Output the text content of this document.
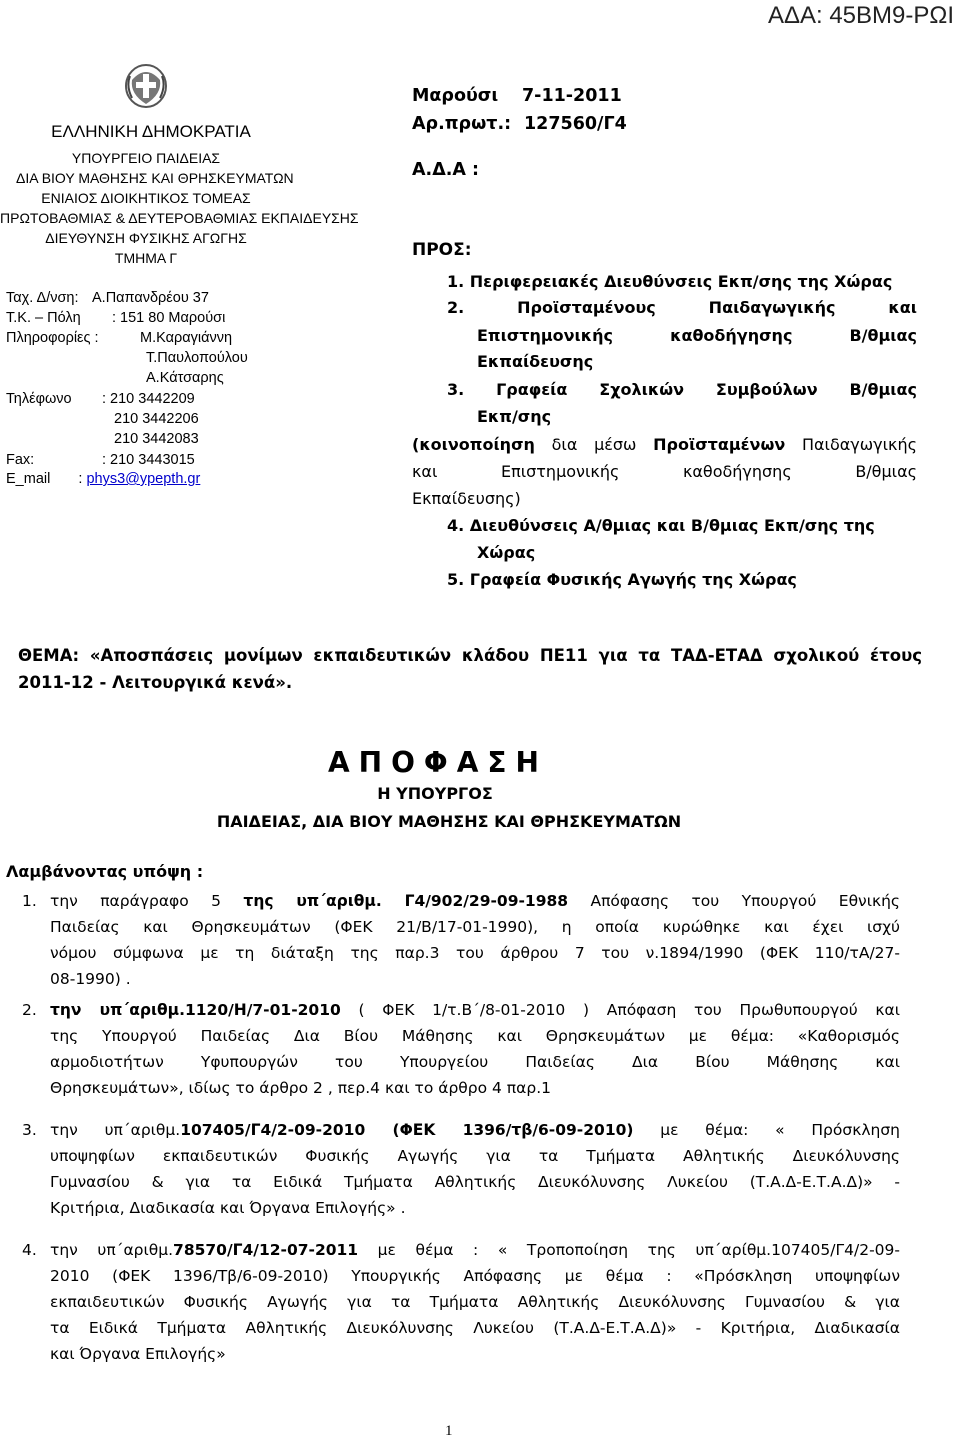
ΑΔΑ: 45ΒΜ9-ΡΩΙ
ΕΛΛΗΝΙΚΗ ΔΗΜΟΚΡΑΤΙΑ
ΥΠΟΥΡΓΕΙΟ ΠΑΙΔΕΙΑΣ
ΔΙΑ ΒΙΟΥ ΜΑΘΗΣΗΣ ΚΑΙ ΘΡΗΣΚΕΥΜΑΤΩΝ
ΕΝΙΑΙΟΣ ΔΙΟΙΚΗΤΙΚΟΣ ΤΟΜΕΑΣ
ΠΡΩΤΟΒΑΘΜΙΑΣ & ΔΕΥΤΕΡΟΒΑΘΜΙΑΣ ΕΚΠΑΙΔΕΥΣΗΣ
ΔΙΕΥΘΥΝΣΗ ΦΥΣΙΚΗΣ ΑΓΩΓΗΣ
ΤΜΗΜΑ Γ
Ταχ. Δ/νση: Α.Παπανδρέου 37
Τ.Κ. – Πόλη : 151 80 Μαρούσι
Πληροφορίες :	Μ.Καραγιάννη
Τ.Παυλοπούλου
Α.Κάτσαρης
Τηλέφωνο : 210 3442209
210 3442206
210 3442083
Fax:	: 210 3443015
E_mail : phys3@ypepth.gr
Μαρούσι 7-11-2011
Αρ.πρωτ.: 127560/Γ4
Α.Δ.Α :
ΠΡΟΣ:
1. Περιφερειακές Διευθύνσεις Εκπ/σης της Χώρας
2. Προϊσταμένους Παιδαγωγικής και
Επιστημονικής καθοδήγησης Β/θμιας
Εκπαίδευσης
3. Γραφεία Σχολικών Συμβούλων Β/θμιας
Εκπ/σης
(κοινοποίηση δια μέσω Προϊσταμένων Παιδαγωγικής
και Επιστημονικής καθοδήγησης Β/θμιας
Εκπαίδευσης)
4. Διευθύνσεις Α/θμιας και Β/θμιας Εκπ/σης της
Χώρας
5. Γραφεία Φυσικής Αγωγής της Χώρας
ΘΕΜΑ: «Αποσπάσεις μονίμων εκπαιδευτικών κλάδου ΠΕ11 για τα ΤΑΔ-ΕΤΑΔ σχολικού έτους
2011-12 - Λειτουργικά κενά».
ΑΠΟΦΑΣΗ
Η ΥΠΟΥΡΓΟΣ
ΠΑΙΔΕΙΑΣ, ΔΙΑ ΒΙΟΥ ΜΑΘΗΣΗΣ ΚΑΙ ΘΡΗΣΚΕΥΜΑΤΩΝ
Λαμβάνοντας υπόψη :
1. την παράγραφο 5 της υπ΄αριθμ. Γ4/902/29-09-1988 Απόφασης του Υπουργού Εθνικής
Παιδείας και Θρησκευμάτων (ΦΕΚ 21/Β/17-01-1990), η οποία κυρώθηκε και έχει ισχύ
νόμου σύμφωνα με τη διάταξη της παρ.3 του άρθρου 7 του ν.1894/1990 (ΦΕΚ 110/τΑ/27-
08-1990) .
2. την υπ΄αριθμ.1120/Η/7-01-2010 ( ΦΕΚ 1/τ.Β΄/8-01-2010 ) Απόφαση του Πρωθυπουργού και
της Υπουργού Παιδείας Δια Βίου Μάθησης και Θρησκευμάτων με θέμα: «Καθορισμός
αρμοδιοτήτων Υφυπουργών του Υπουργείου Παιδείας Δια Βίου Μάθησης και
Θρησκευμάτων», ιδίως το άρθρο 2 , περ.4 και το άρθρο 4 παρ.1
3. την υπ΄αριθμ.107405/Γ4/2-09-2010 (ΦΕΚ 1396/τβ/6-09-2010) με θέμα: « Πρόσκληση
υποψηφίων εκπαιδευτικών Φυσικής Αγωγής για τα Τμήματα Αθλητικής Διευκόλυνσης
Γυμνασίου & για τα Ειδικά Τμήματα Αθλητικής Διευκόλυνσης Λυκείου (Τ.Α.Δ-Ε.Τ.Α.Δ)» -
Κριτήρια, Διαδικασία και Όργανα Επιλογής» .
4. την υπ΄αριθμ.78570/Γ4/12-07-2011 με θέμα : « Τροποποίηση της υπ΄αρίθμ.107405/Γ4/2-09-
2010 (ΦΕΚ 1396/Τβ/6-09-2010) Υπουργικής Απόφασης με θέμα : «Πρόσκληση υποψηφίων
εκπαιδευτικών Φυσικής Αγωγής για τα Τμήματα Αθλητικής Διευκόλυνσης Γυμνασίου & για
τα Ειδικά Τμήματα Αθλητικής Διευκόλυνσης Λυκείου (Τ.Α.Δ-Ε.Τ.Α.Δ)» - Κριτήρια, Διαδικασία
και Όργανα Επιλογής»
1
